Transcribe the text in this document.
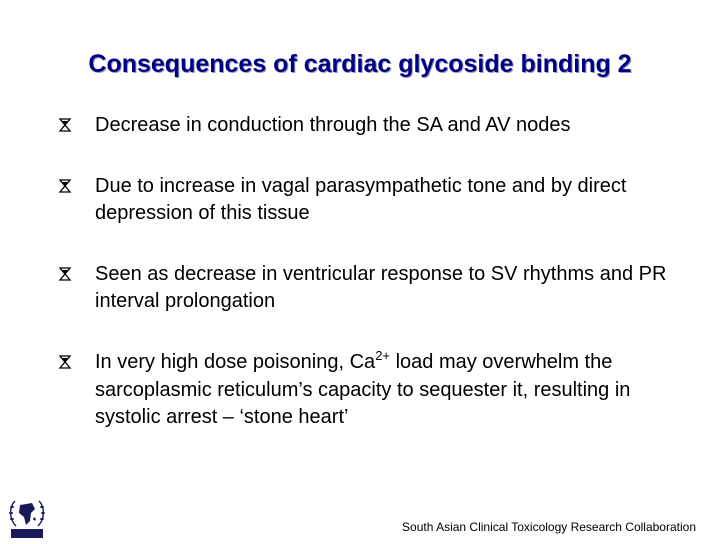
Consequences of cardiac glycoside binding 2
Decrease in conduction through the SA and AV nodes
Due to increase in vagal parasympathetic tone and by direct depression of this tissue
Seen as decrease in ventricular response to SV rhythms and PR interval prolongation
In very high dose poisoning, $Ca^{2+}$ load may overwhelm the sarcoplasmic reticulum’s capacity to sequester it, resulting in systolic arrest – ‘stone heart’
South Asian Clinical Toxicology Research Collaboration
